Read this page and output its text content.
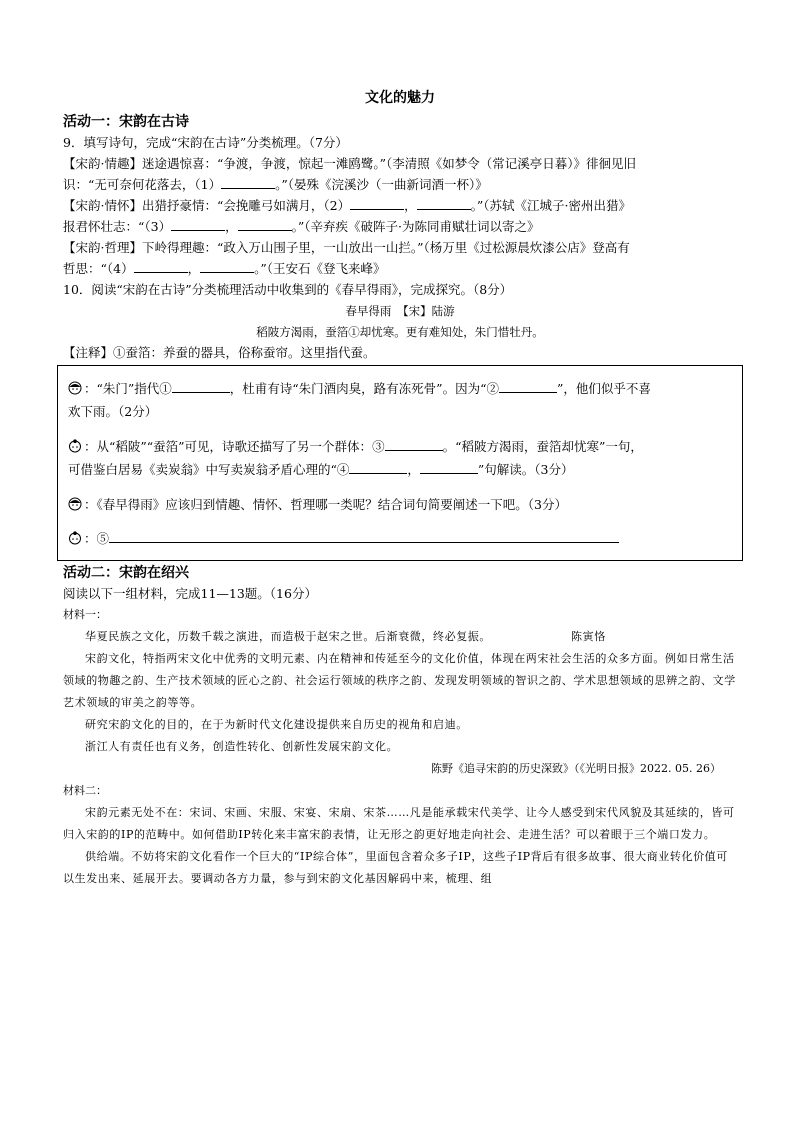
文化的魅力
活动一：宋韵在古诗
9．填写诗句，完成“宋韵在古诗”分类梳理。（7分）
【宋韵·情趣】迷途遇惊喜：“争渡，争渡，惊起一滩鸥鹭。”（李清照《如梦令（常记溪亭日暮）》徘徊见旧
识：“无可奈何花落去，（1）	。”（晏殊《浣溪沙（一曲新词酒一杯）》
【宋韵·情怀】出猎抒豪情：“会挽雕弓如满月，（2）	，	。”（苏轼《江城子·密州出猎》
报君怀壮志：“（3）	，	。”（辛弃疾《破阵子·为陈同甫赋壮词以寄之》
【宋韵·哲理】下岭得理趣：“政入万山围子里，一山放出一山拦。”（杨万里《过松源晨炊漆公店》登高有
哲思：“（4）	，	。”（王安石《登飞来峰》
10．阅读“宋韵在古诗”分类梳理活动中收集到的《春早得雨》，完成探究。（8分）
春早得雨　【宋】陆游
稻陂方渴雨，蚕箔①却忧寒。更有难知处，朱门惜牡丹。
【注释】①蚕箔：养蚕的器具，俗称蚕帘。这里指代蚕。
：“朱门”指代①	，杜甫有诗“朱门酒肉臭，路有冻死骨”。因为“②	”，他们似乎不喜
欢下雨。（2分）
：从“稻陂”“蚕箔”可见，诗歌还描写了另一个群体：③	。“稻陂方渴雨，蚕箔却忧寒”一句，
可借鉴白居易《卖炭翁》中写卖炭翁矛盾心理的“④	，	”句解读。（3分）
：《春早得雨》应该归到情趣、情怀、哲理哪一类呢？结合词句简要阐述一下吧。（3分）
：⑤
活动二：宋韵在绍兴
阅读以下一组材料，完成11—13题。（16分）
材料一：
华夏民族之文化，历数千载之演进，而造极于赵宋之世。后渐衰微，终必复振。	陈寅恪
宋韵文化，特指两宋文化中优秀的文明元素、内在精神和传延至今的文化价值，体现在两宋社会生活的众多方面。例如日常生活领域的物趣之韵、生产技术领域的匠心之韵、社会运行领域的秩序之韵、发现发明领域的智识之韵、学术思想领域的思辨之韵、文学艺术领域的审美之韵等等。
研究宋韵文化的目的，在于为新时代文化建设提供来自历史的视角和启迪。
浙江人有责任也有义务，创造性转化、创新性发展宋韵文化。
陈野《追寻宋韵的历史深致》（《光明日报》2022. 05. 26）
材料二：
宋韵元素无处不在：宋词、宋画、宋服、宋宴、宋扇、宋茶……凡是能承载宋代美学、让今人感受到宋代风貌及其延续的，皆可归入宋韵的IP的范畴中。如何借助IP转化来丰富宋韵表情，让无形之韵更好地走向社会、走进生活？可以着眼于三个端口发力。
供给端。不妨将宋韵文化看作一个巨大的“IP综合体”，里面包含着众多子IP，这些子IP背后有很多故事、很大商业转化价值可以生发出来、延展开去。要调动各方力量，参与到宋韵文化基因解码中来，梳理、组
